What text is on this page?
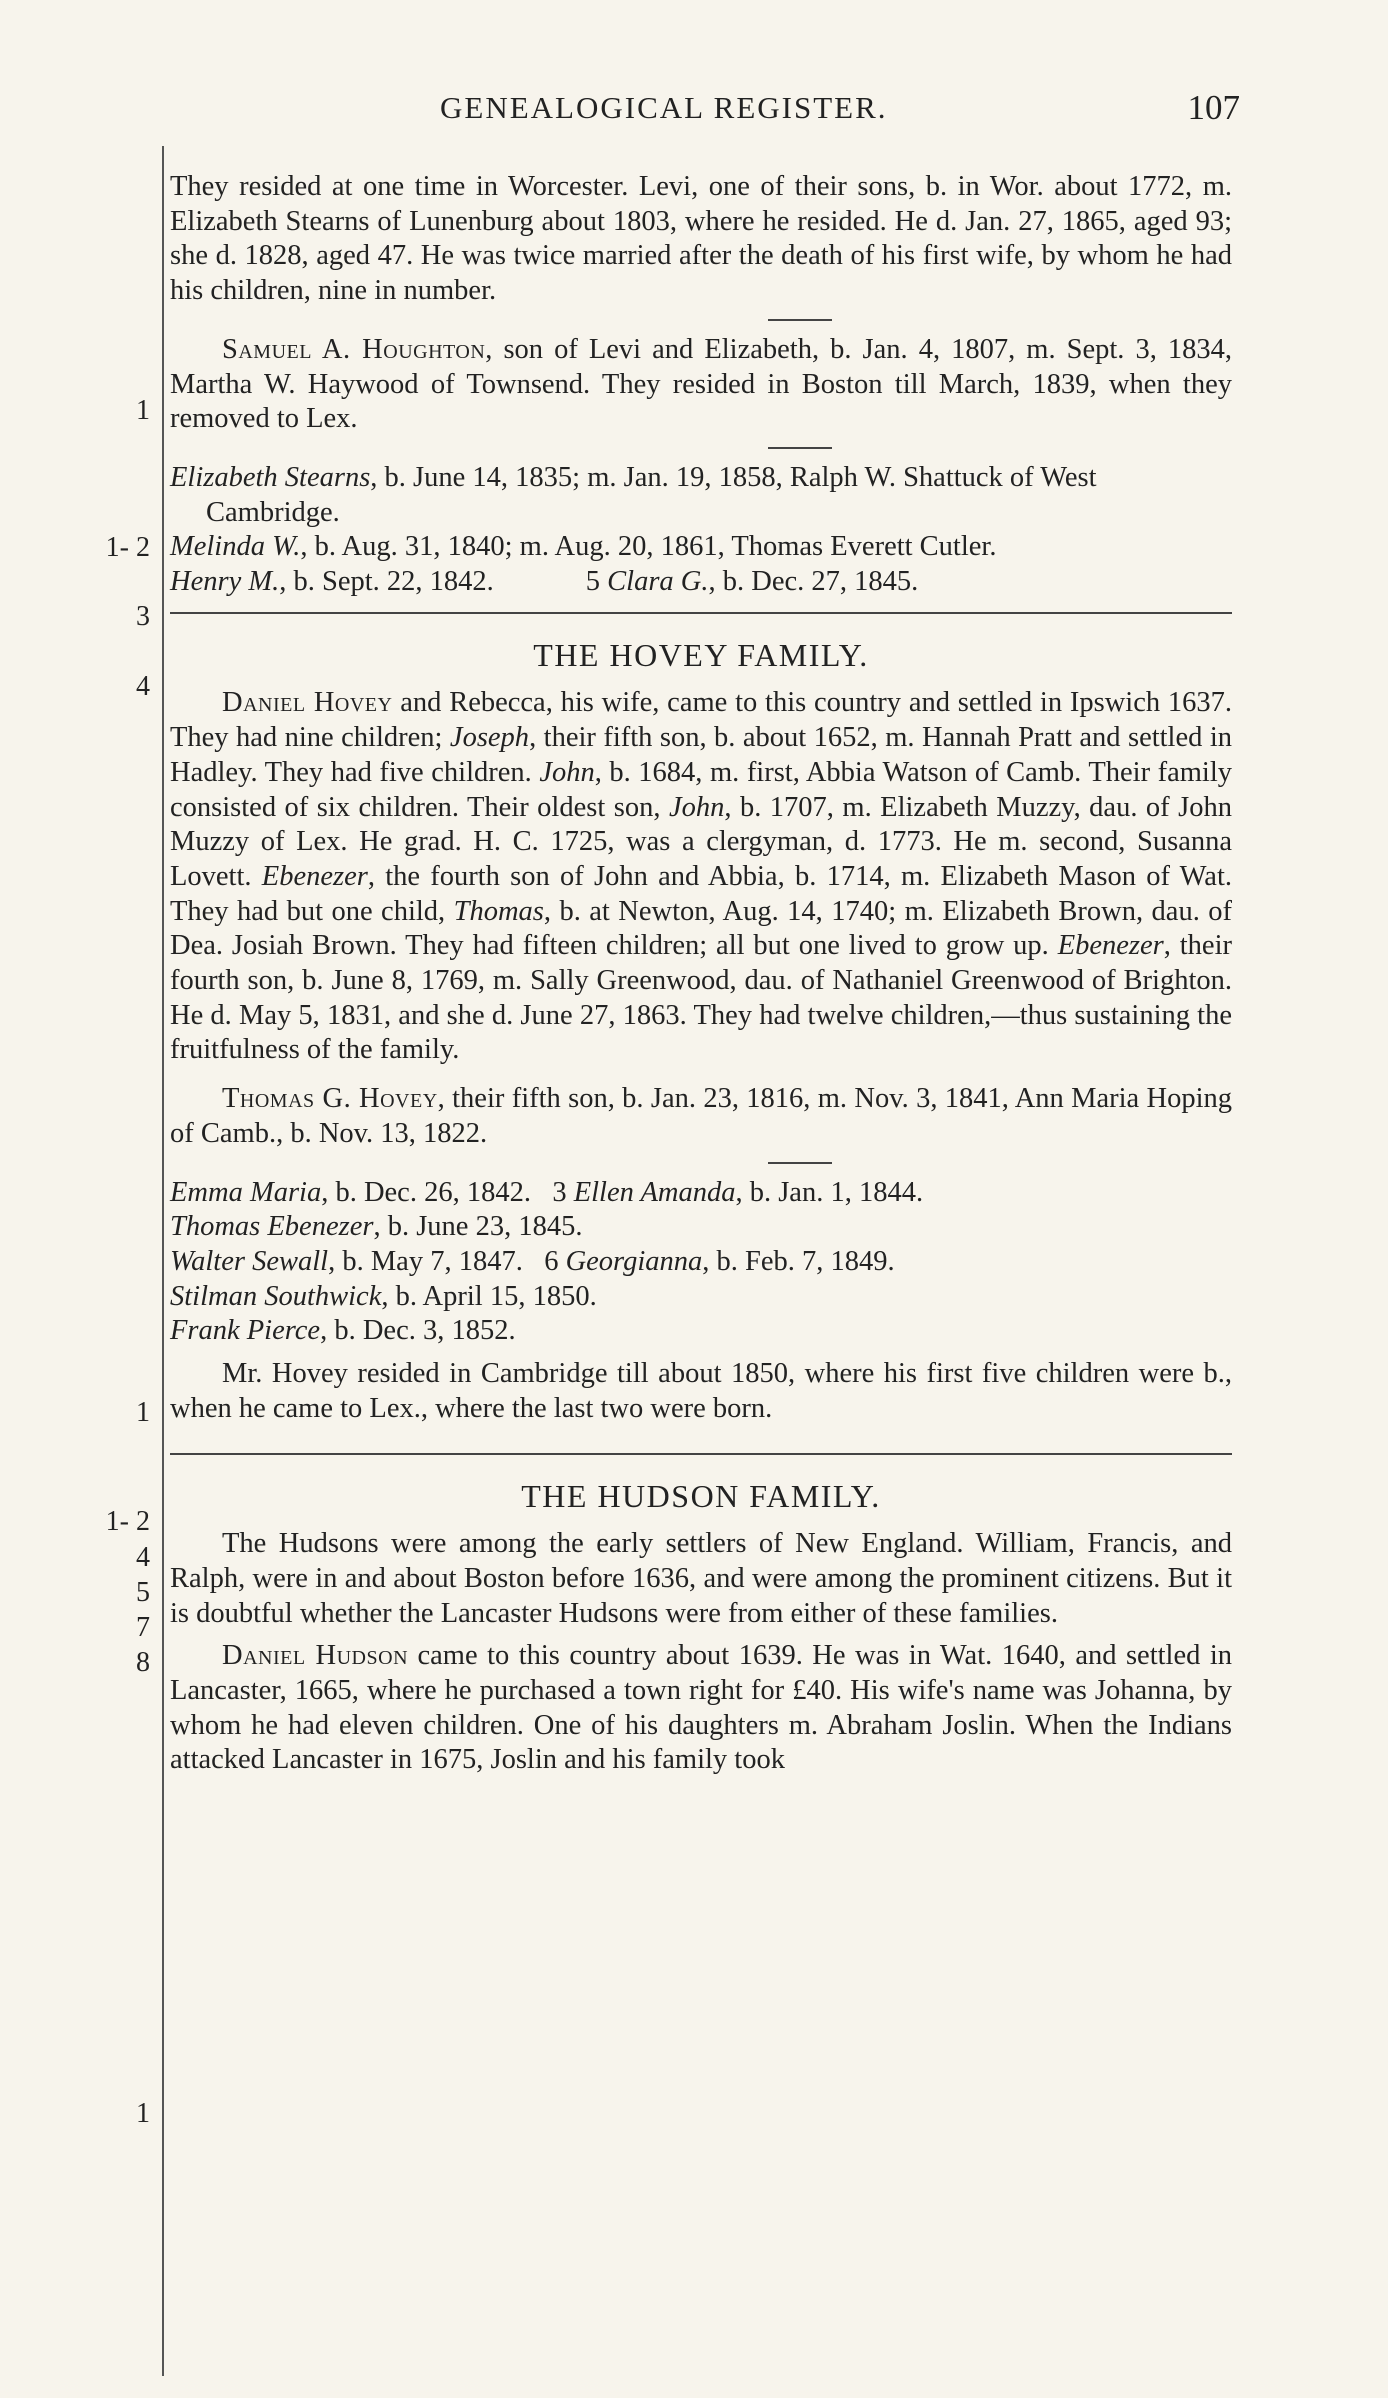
GENEALOGICAL REGISTER.	107
1
1- 2
3
4
1
1- 2
4
5
7
8
1

They resided at one time in Worcester. Levi, one of their sons, b. in Wor. about 1772, m. Elizabeth Stearns of Lunenburg about 1803, where he resided. He d. Jan. 27, 1865, aged 93; she d. 1828, aged 47. He was twice married after the death of his first wife, by whom he had his children, nine in number.

Samuel A. Houghton, son of Levi and Elizabeth, b. Jan. 4, 1807, m. Sept. 3, 1834, Martha W. Haywood of Townsend. They resided in Boston till March, 1839, when they removed to Lex.

Elizabeth Stearns, b. June 14, 1835; m. Jan. 19, 1858, Ralph W. Shattuck of West Cambridge.

Melinda W., b. Aug. 31, 1840; m. Aug. 20, 1861, Thomas Everett Cutler.

Henry M., b. Sept. 22, 1842.	5 Clara G., b. Dec. 27, 1845.

THE HOVEY FAMILY.

Daniel Hovey and Rebecca, his wife, came to this country and settled in Ipswich 1637. They had nine children; Joseph, their fifth son, b. about 1652, m. Hannah Pratt and settled in Hadley. They had five children. John, b. 1684, m. first, Abbia Watson of Camb. Their family consisted of six children. Their oldest son, John, b. 1707, m. Elizabeth Muzzy, dau. of John Muzzy of Lex. He grad. H. C. 1725, was a clergyman, d. 1773. He m. second, Susanna Lovett. Ebenezer, the fourth son of John and Abbia, b. 1714, m. Elizabeth Mason of Wat. They had but one child, Thomas, b. at Newton, Aug. 14, 1740; m. Elizabeth Brown, dau. of Dea. Josiah Brown. They had fifteen children; all but one lived to grow up. Ebenezer, their fourth son, b. June 8, 1769, m. Sally Greenwood, dau. of Nathaniel Greenwood of Brighton. He d. May 5, 1831, and she d. June 27, 1863. They had twelve children,—thus sustaining the fruitfulness of the family.

Thomas G. Hovey, their fifth son, b. Jan. 23, 1816, m. Nov. 3, 1841, Ann Maria Hoping of Camb., b. Nov. 13, 1822.

Emma Maria, b. Dec. 26, 1842. 3 Ellen Amanda, b. Jan. 1, 1844.

Thomas Ebenezer, b. June 23, 1845.

Walter Sewall, b. May 7, 1847. 6 Georgianna, b. Feb. 7, 1849.

Stilman Southwick, b. April 15, 1850.

Frank Pierce, b. Dec. 3, 1852.

Mr. Hovey resided in Cambridge till about 1850, where his first five children were b., when he came to Lex., where the last two were born.

THE HUDSON FAMILY.

The Hudsons were among the early settlers of New England. William, Francis, and Ralph, were in and about Boston before 1636, and were among the prominent citizens. But it is doubtful whether the Lancaster Hudsons were from either of these families.

Daniel Hudson came to this country about 1639. He was in Wat. 1640, and settled in Lancaster, 1665, where he purchased a town right for £40. His wife's name was Johanna, by whom he had eleven children. One of his daughters m. Abraham Joslin. When the Indians attacked Lancaster in 1675, Joslin and his family took
